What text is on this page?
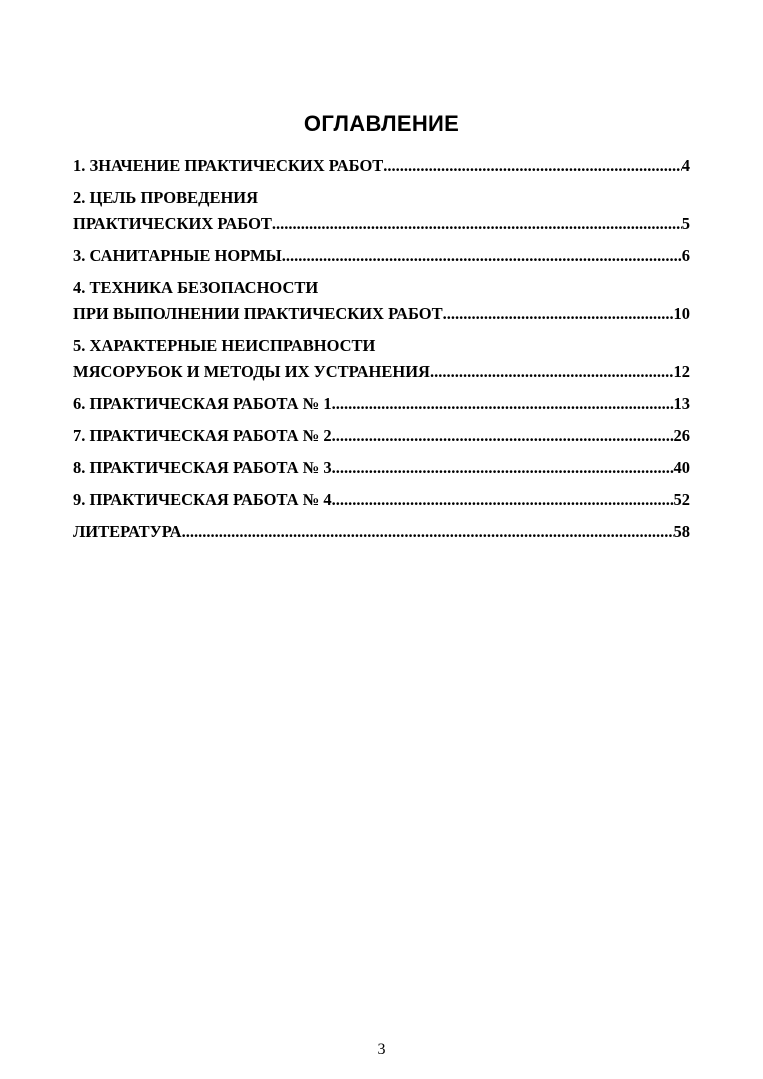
ОГЛАВЛЕНИЕ
1. ЗНАЧЕНИЕ ПРАКТИЧЕСКИХ РАБОТ .....	4
2. ЦЕЛЬ ПРОВЕДЕНИЯ
ПРАКТИЧЕСКИХ РАБОТ .....	5
3. САНИТАРНЫЕ НОРМЫ .....	6
4. ТЕХНИКА БЕЗОПАСНОСТИ
ПРИ ВЫПОЛНЕНИИ ПРАКТИЧЕСКИХ РАБОТ .....	10
5. ХАРАКТЕРНЫЕ НЕИСПРАВНОСТИ
МЯСОРУБОК И МЕТОДЫ ИХ УСТРАНЕНИЯ .....	12
6. ПРАКТИЧЕСКАЯ РАБОТА № 1 .....	13
7. ПРАКТИЧЕСКАЯ РАБОТА № 2 .....	26
8. ПРАКТИЧЕСКАЯ РАБОТА № 3 .....	40
9. ПРАКТИЧЕСКАЯ РАБОТА № 4 .....	52
ЛИТЕРАТУРА .....	58
3
